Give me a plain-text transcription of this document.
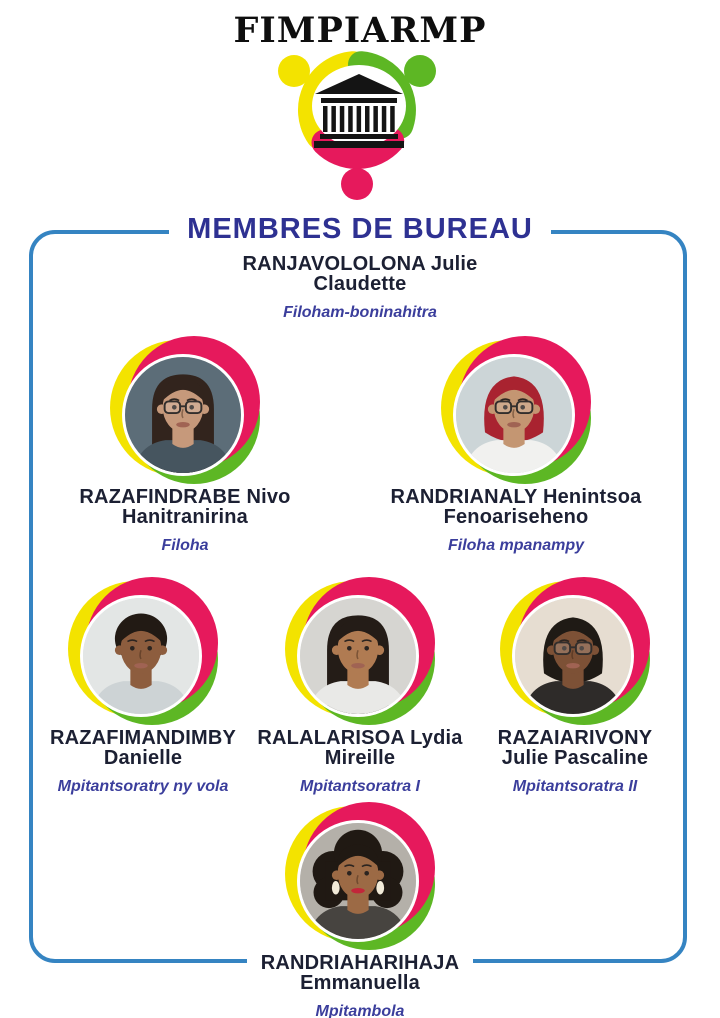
FIMPIARMP
MEMBRES DE BUREAU
RANJAVOLOLONA Julie
Claudette
Filoham-boninahitra
RAZAFINDRABE Nivo
Hanitranirina
Filoha
RANDRIANALY Henintsoa
Fenoariseheno
Filoha mpanampy
RAZAFIMANDIMBY
Danielle
Mpitantsoratry ny vola
RALALARISOA Lydia
Mireille
Mpitantsoratra I
RAZAIARIVONY
Julie Pascaline
Mpitantsoratra II
RANDRIAHARIHAJA
Emmanuella
Mpitambola
